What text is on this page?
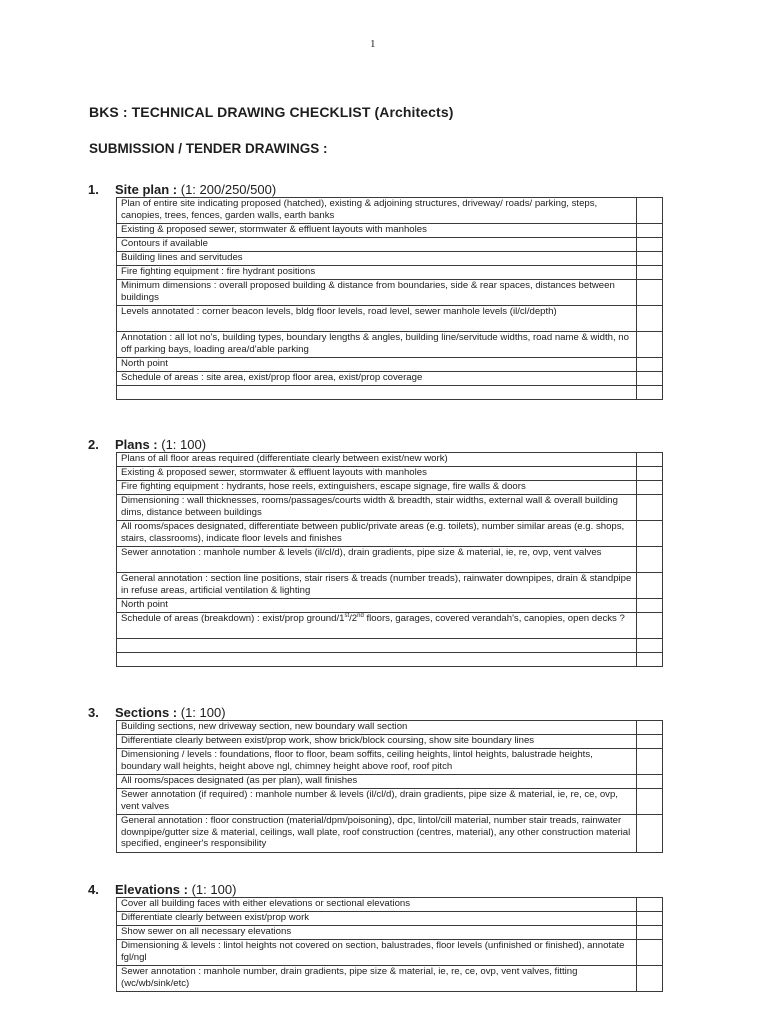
1
BKS : TECHNICAL DRAWING CHECKLIST (Architects)
SUBMISSION / TENDER DRAWINGS :
1. Site plan : (1: 200/250/500)
Plan of entire site indicating proposed (hatched), existing & adjoining structures, driveway/ roads/ parking, steps, canopies, trees, fences, garden walls, earth banks	
Existing & proposed sewer, stormwater & effluent layouts with manholes	
Contours if available	
Building lines and servitudes	
Fire fighting equipment : fire hydrant positions	
Minimum dimensions : overall proposed building & distance from boundaries, side & rear spaces, distances between buildings	
Levels annotated : corner beacon levels, bldg floor levels, road level, sewer manhole levels (il/cl/depth)	
Annotation : all lot no's, building types, boundary lengths & angles, building line/servitude widths, road name & width, no off parking bays, loading area/d'able parking	
North point	
Schedule of areas : site area, exist/prop floor area, exist/prop coverage	

2. Plans : (1: 100)
Plans of all floor areas required (differentiate clearly between exist/new work)	
Existing & proposed sewer, stormwater & effluent layouts with manholes	
Fire fighting equipment : hydrants, hose reels, extinguishers, escape signage, fire walls & doors	
Dimensioning : wall thicknesses, rooms/passages/courts width & breadth, stair widths, external wall & overall building dims, distance between buildings	
All rooms/spaces designated, differentiate between public/private areas (e.g. toilets), number similar areas (e.g. shops, stairs, classrooms), indicate floor levels and finishes	
Sewer annotation : manhole number & levels (il/cl/d), drain gradients, pipe size & material, ie, re, ovp, vent valves	
General annotation : section line positions, stair risers & treads (number treads), rainwater downpipes, drain & standpipe in refuse areas, artificial ventilation & lighting	
North point	
Schedule of areas (breakdown) : exist/prop ground/1st/2nd floors, garages, covered verandah's, canopies, open decks ?	

3. Sections : (1: 100)
Building sections, new driveway section, new boundary wall section	
Differentiate clearly between exist/prop work, show brick/block coursing, show site boundary lines	
Dimensioning / levels : foundations, floor to floor, beam soffits, ceiling heights, lintol heights, balustrade heights, boundary wall heights, height above ngl, chimney height above roof, roof pitch	
All rooms/spaces designated (as per plan), wall finishes	
Sewer annotation (if required) : manhole number & levels (il/cl/d), drain gradients, pipe size & material, ie, re, ce, ovp, vent valves	
General annotation : floor construction (material/dpm/poisoning), dpc, lintol/cill material, number stair treads, rainwater downpipe/gutter size & material, ceilings, wall plate, roof construction (centres, material), any other construction material specified, engineer's responsibility	
4. Elevations : (1: 100)
Cover all building faces with either elevations or sectional elevations	
Differentiate clearly between exist/prop work	
Show sewer on all necessary elevations	
Dimensioning & levels : lintol heights not covered on section, balustrades, floor levels (unfinished or finished), annotate fgl/ngl	
Sewer annotation : manhole number, drain gradients, pipe size & material, ie, re, ce, ovp, vent valves, fitting (wc/wb/sink/etc)	
